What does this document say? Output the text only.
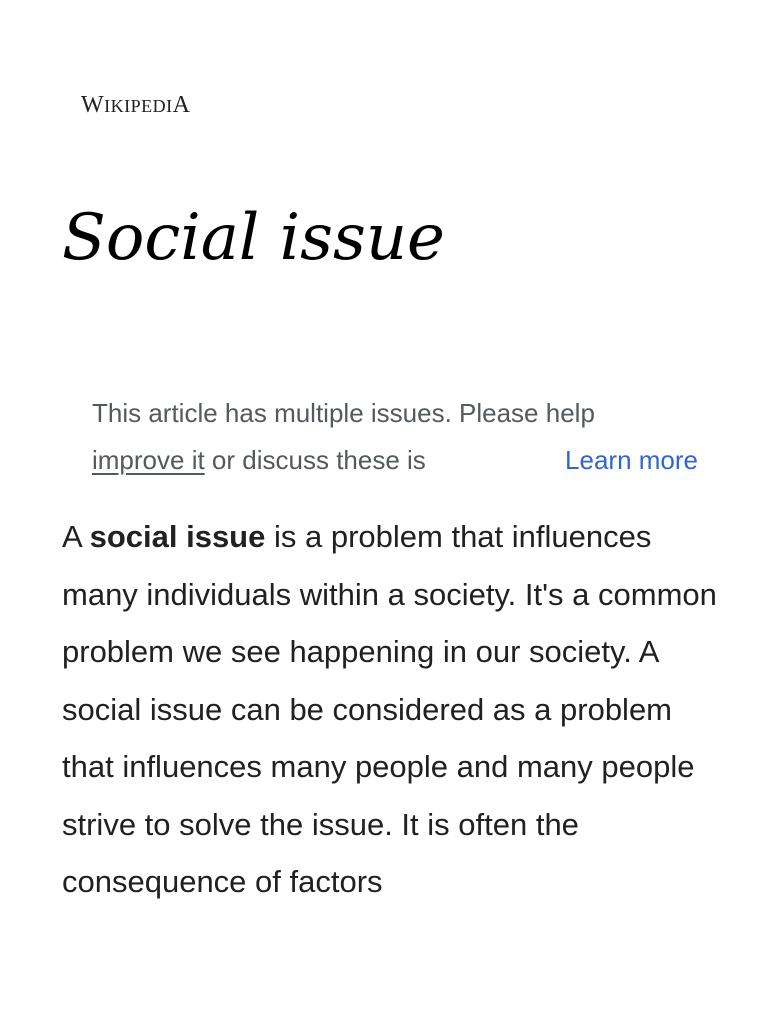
WIKIPEDIA
Social issue
This article has multiple issues. Please help
improve it or discuss these is	Learn more

A social issue is a problem that influences many individuals within a society. It's a common problem we see happening in our society. A social issue can be considered as a problem that influences many people and many people strive to solve the issue. It is often the consequence of factors
